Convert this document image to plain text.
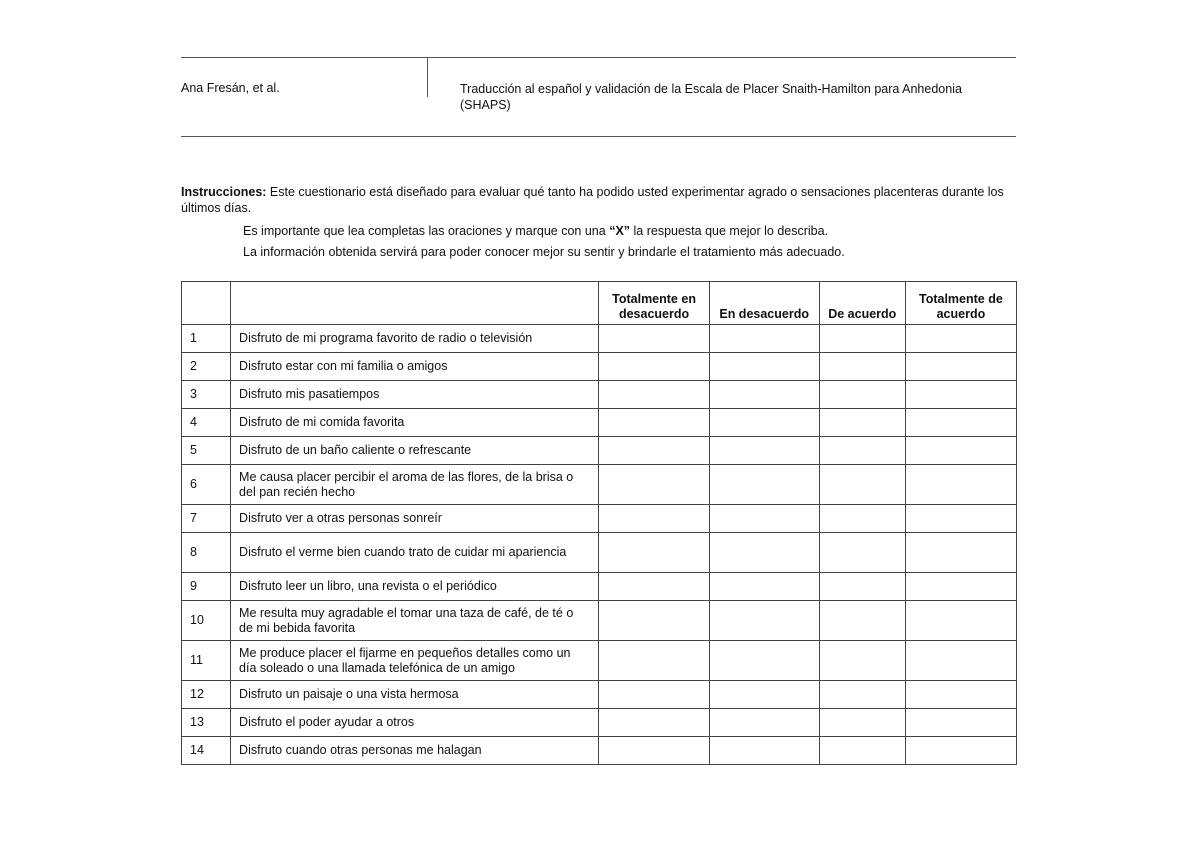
Ana Fresán, et al.	Traducción al español y validación de la Escala de Placer Snaith-Hamilton para Anhedonia (SHAPS)
Instrucciones: Este cuestionario está diseñado para evaluar qué tanto ha podido usted experimentar agrado o sensaciones placenteras durante los últimos días.
Es importante que lea completas las oraciones y marque con una “X” la respuesta que mejor lo describa.
La información obtenida servirá para poder conocer mejor su sentir y brindarle el tratamiento más adecuado.
		Totalmente en desacuerdo	En desacuerdo	De acuerdo	Totalmente de acuerdo
1	Disfruto de mi programa favorito de radio o televisión				
2	Disfruto estar con mi familia o amigos				
3	Disfruto mis pasatiempos				
4	Disfruto de mi comida favorita				
5	Disfruto de un baño caliente o refrescante				
6	Me causa placer percibir el aroma de las flores, de la brisa o del pan recién hecho				
7	Disfruto ver a otras personas sonreír				
8	Disfruto el verme bien cuando trato de cuidar mi apariencia				
9	Disfruto leer un libro, una revista o el periódico				
10	Me resulta muy agradable el tomar una taza de café, de té o de mi bebida favorita				
11	Me produce placer el fijarme en pequeños detalles como un día soleado o una llamada telefónica de un amigo				
12	Disfruto un paisaje o una vista hermosa				
13	Disfruto el poder ayudar a otros				
14	Disfruto cuando otras personas me halagan				
